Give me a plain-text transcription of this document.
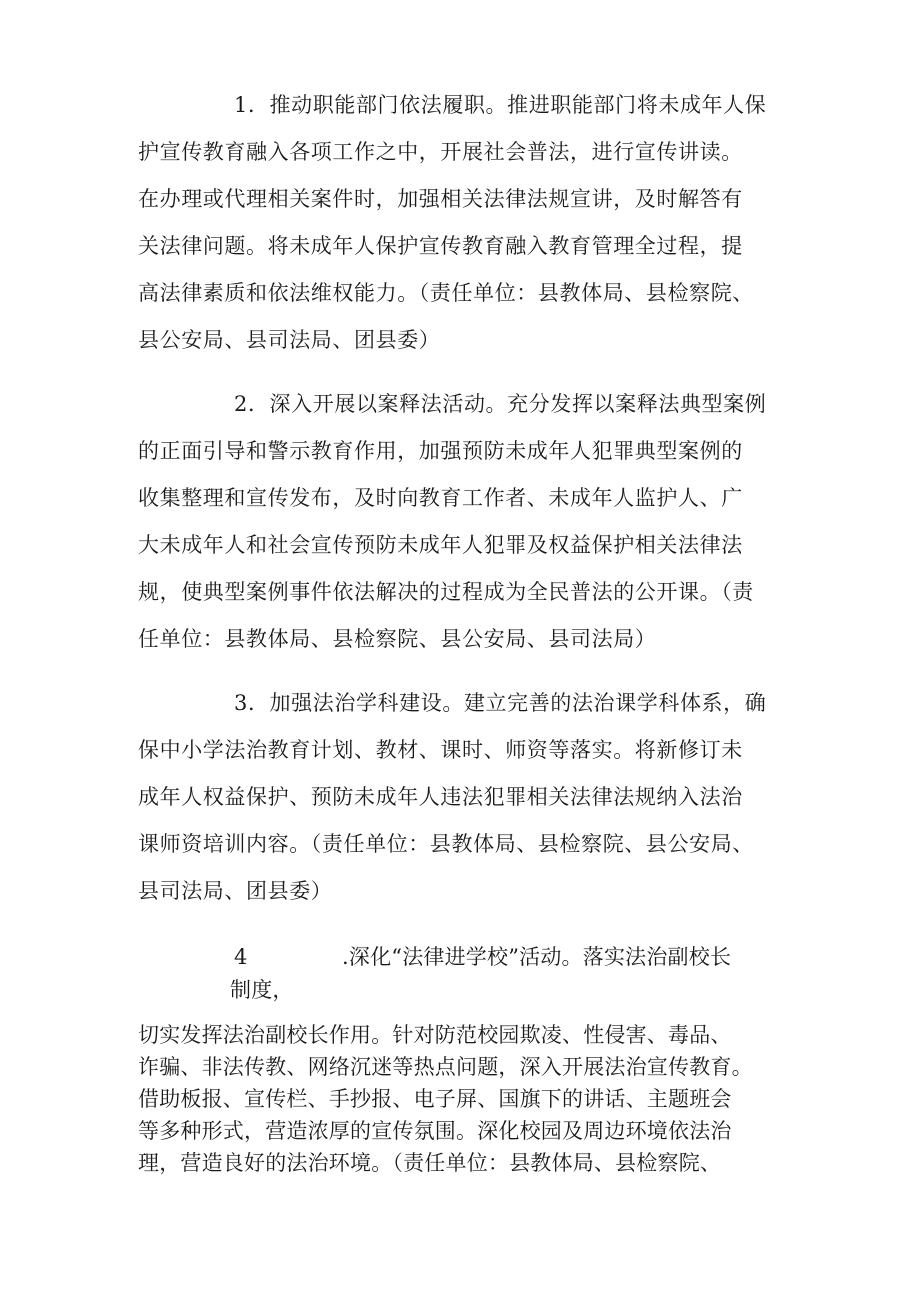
1．推动职能部门依法履职。推进职能部门将未成年人保
护宣传教育融入各项工作之中，开展社会普法，进行宣传讲读。
在办理或代理相关案件时，加强相关法律法规宣讲，及时解答有
关法律问题。将未成年人保护宣传教育融入教育管理全过程，提
高法律素质和依法维权能力。（责任单位：县教体局、县检察院、
县公安局、县司法局、团县委）
2．深入开展以案释法活动。充分发挥以案释法典型案例
的正面引导和警示教育作用，加强预防未成年人犯罪典型案例的
收集整理和宣传发布，及时向教育工作者、未成年人监护人、广
大未成年人和社会宣传预防未成年人犯罪及权益保护相关法律法
规，使典型案例事件依法解决的过程成为全民普法的公开课。（责
任单位：县教体局、县检察院、县公安局、县司法局）
3．加强法治学科建设。建立完善的法治课学科体系，确
保中小学法治教育计划、教材、课时、师资等落实。将新修订未
成年人权益保护、预防未成年人违法犯罪相关法律法规纳入法治
课师资培训内容。（责任单位：县教体局、县检察院、县公安局、
县司法局、团县委）
4	.深化“法律进学校”活动。落实法治副校长
制度，
切实发挥法治副校长作用。针对防范校园欺凌、性侵害、毒品、
诈骗、非法传教、网络沉迷等热点问题，深入开展法治宣传教育。
借助板报、宣传栏、手抄报、电子屏、国旗下的讲话、主题班会
等多种形式，营造浓厚的宣传氛围。深化校园及周边环境依法治
理，营造良好的法治环境。（责任单位：县教体局、县检察院、
